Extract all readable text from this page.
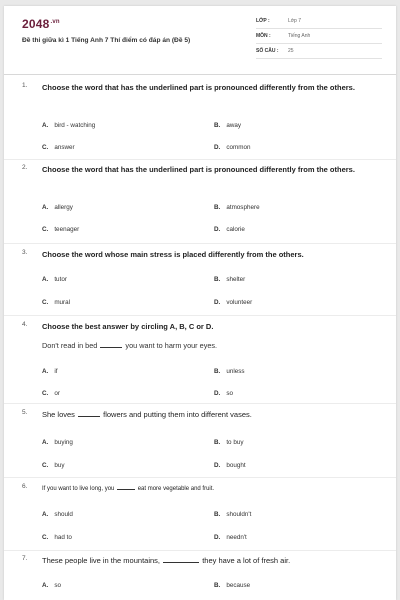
$2048^{.vn}$
Đề thi giữa kì 1 Tiếng Anh 7 Thí điểm có đáp án (Đề 5)
LỚP :	Lớp 7
MÔN :	Tiếng Anh
SỐ CÂU : 25
1. Choose the word that has the underlined part is pronounced differently from the others.
A. bird - watching	B. away
C. answer	D. common
2. Choose the word that has the underlined part is pronounced differently from the others.
A. allergy	B. atmosphere
C. teenager	D. calorie
3. Choose the word whose main stress is placed differently from the others.
A. tutor	B. shelter
C. mural	D. volunteer
4. Choose the best answer by circling A, B, C or D.
Don't read in bed	you want to harm your eyes.
A. if	B. unless
C. or	D. so
5. She loves	flowers and putting them into different vases.
A. buying	B. to buy
C. buy	D. bought
6. If you want to live long, you	eat more vegetable and fruit.
A. should	B. shouldn't
C. had to	D. needn't
7. These people live in the mountains,	they have a lot of fresh air.
A. so	B. because
